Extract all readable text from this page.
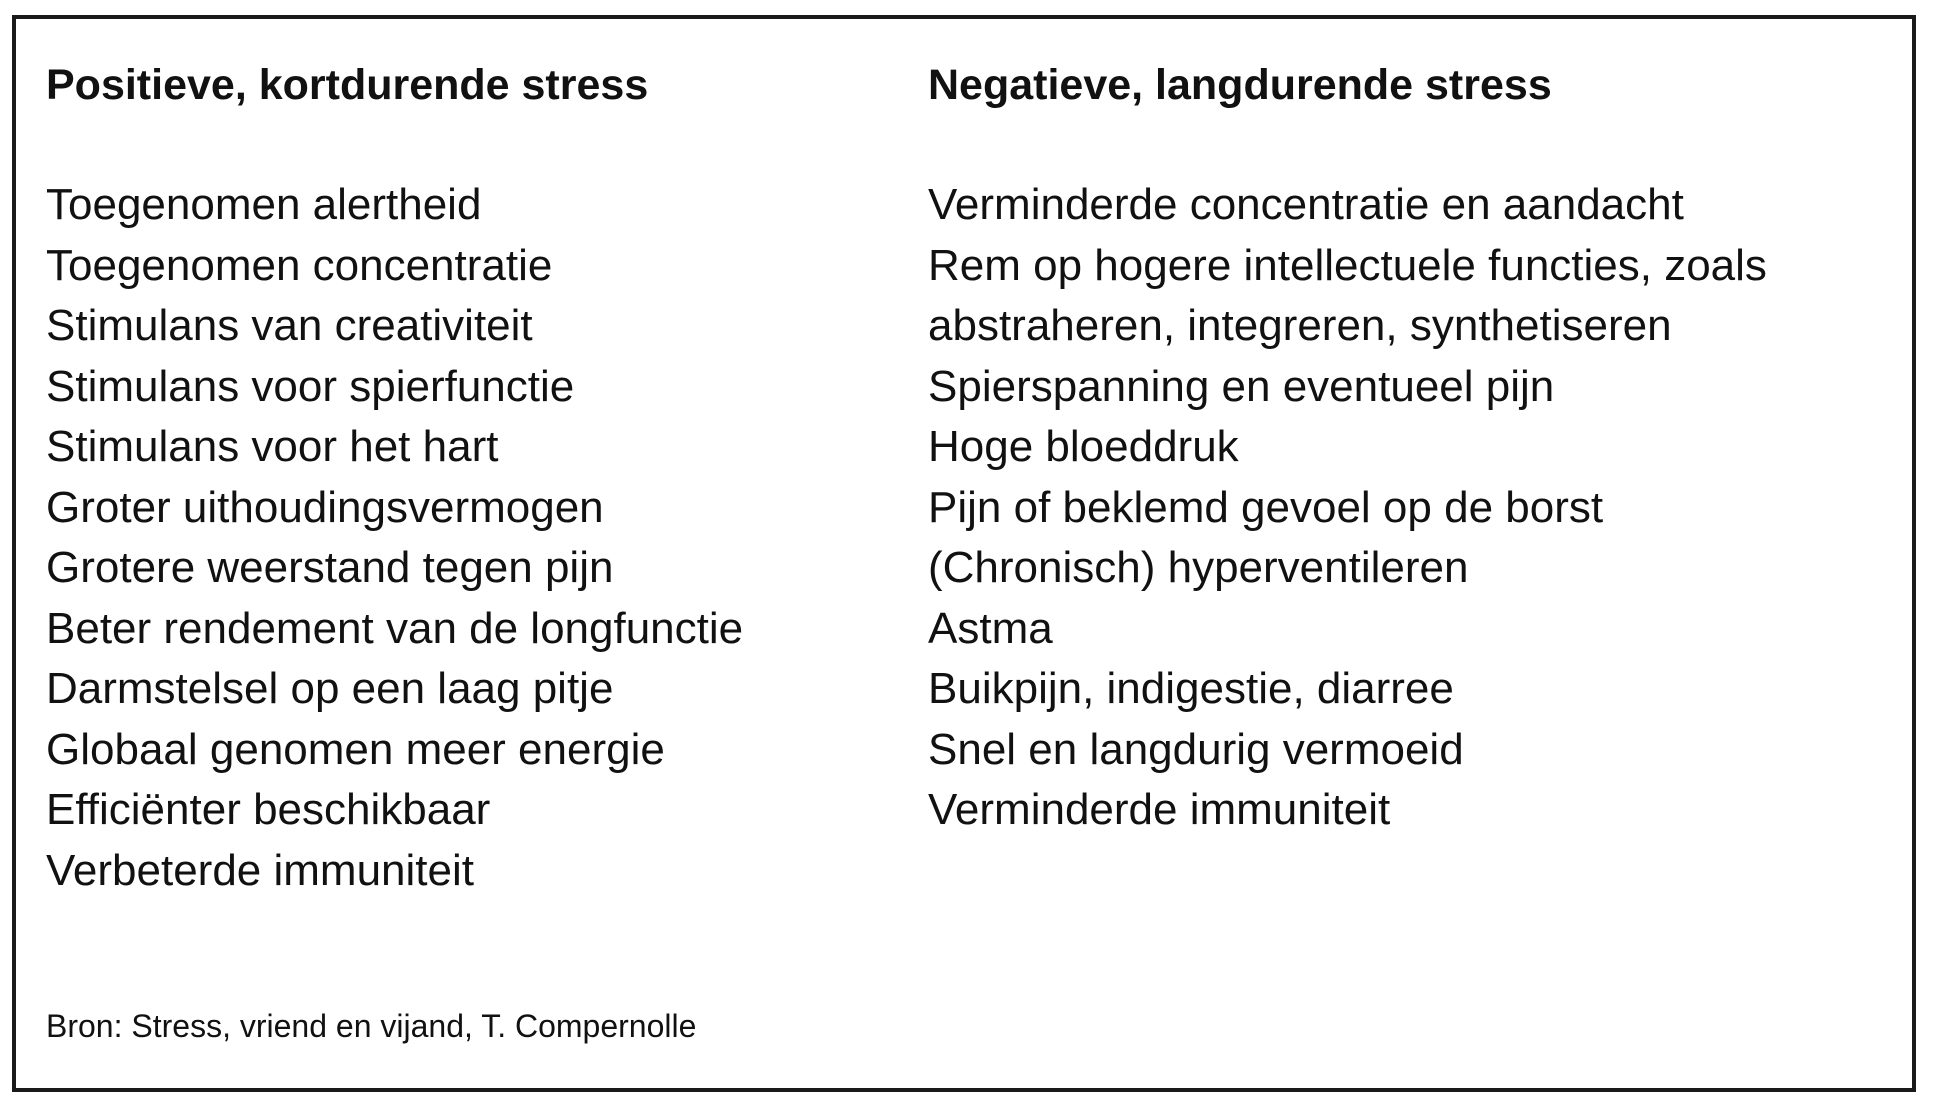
Positieve, kortdurende stress
Toegenomen alertheid
Toegenomen concentratie
Stimulans van creativiteit
Stimulans voor spierfunctie
Stimulans voor het hart
Groter uithoudingsvermogen
Grotere weerstand tegen pijn
Beter rendement van de longfunctie
Darmstelsel op een laag pitje
Globaal genomen meer energie
Efficiënter beschikbaar
Verbeterde immuniteit
Negatieve, langdurende stress
Verminderde concentratie en aandacht
Rem op hogere intellectuele functies, zoals
abstraheren, integreren, synthetiseren
Spierspanning en eventueel pijn
Hoge bloeddruk
Pijn of beklemd gevoel op de borst
(Chronisch) hyperventileren
Astma
Buikpijn, indigestie, diarree
Snel en langdurig vermoeid
Verminderde immuniteit
Bron: Stress, vriend en vijand, T. Compernolle
